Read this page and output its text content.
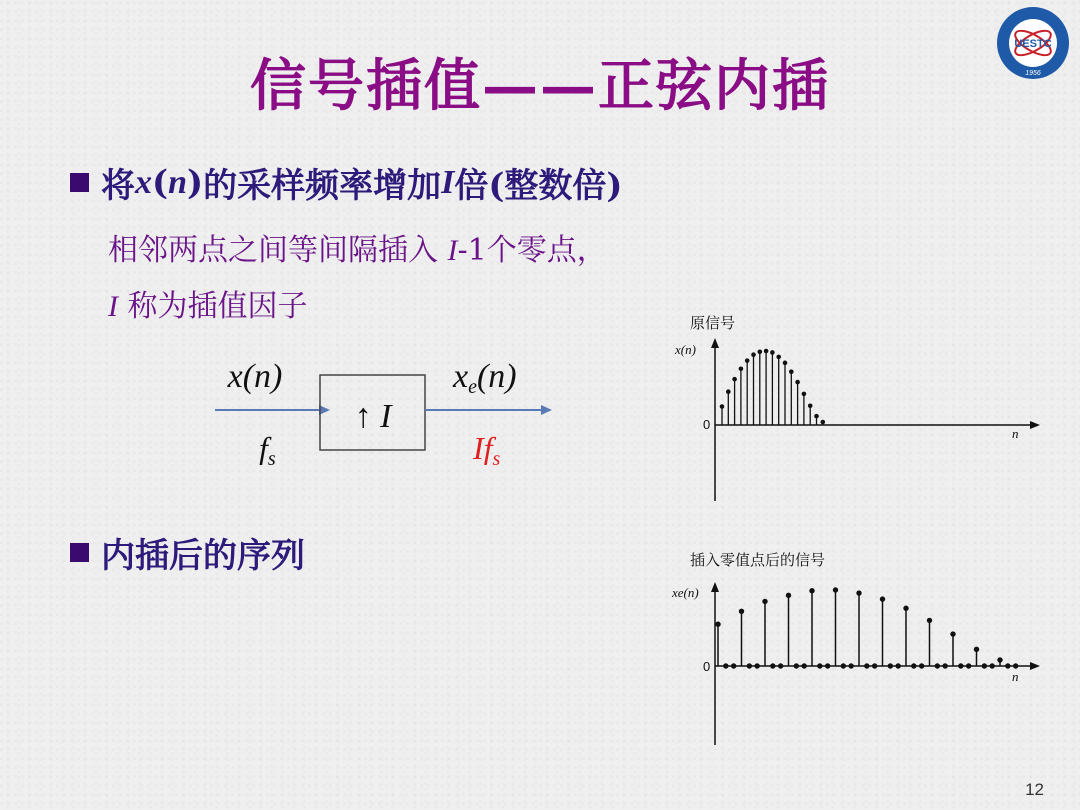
信号插值——正弦内插
UESTC
1956
将 x ( n ) 的采样频率增加 I 倍(整数倍)
相邻两点之间等间隔插入 I-1个零点，
I 称为插值因子
x(n)
fs
↑ I
xe(n)
Ifs
内插后的序列
原信号
x(n)
0
n
插入零值点后的信号
xe(n)
0
n
12
